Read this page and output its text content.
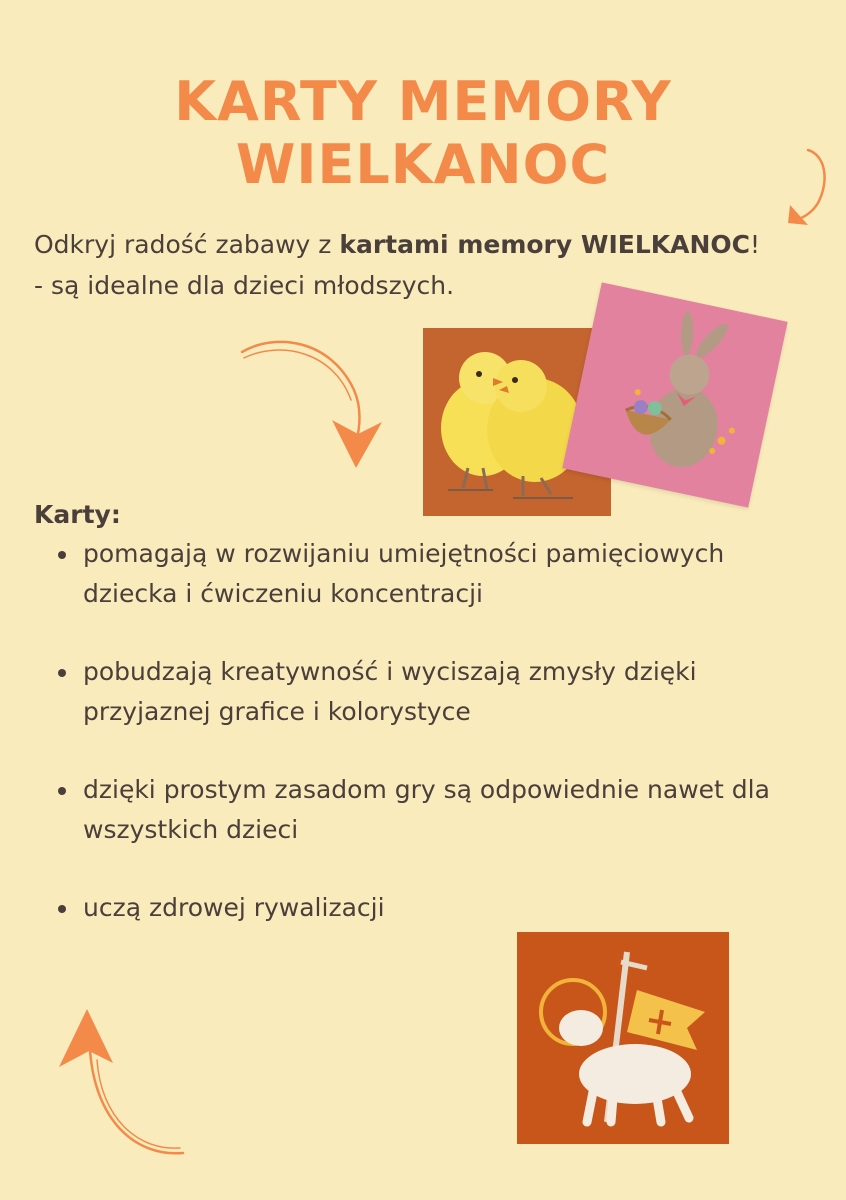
KARTY MEMORY WIELKANOC

Odkryj radość zabawy z kartami memory WIELKANOC!

- są idealne dla dzieci młodszych.

Karty:
pomagają w rozwijaniu umiejętności pamięciowych dziecka i ćwiczeniu koncentracji
pobudzają kreatywność i wyciszają zmysły dzięki przyjaznej grafice i kolorystyce
dzięki prostym zasadom gry są odpowiednie nawet dla wszystkich dzieci
uczą zdrowej rywalizacji
